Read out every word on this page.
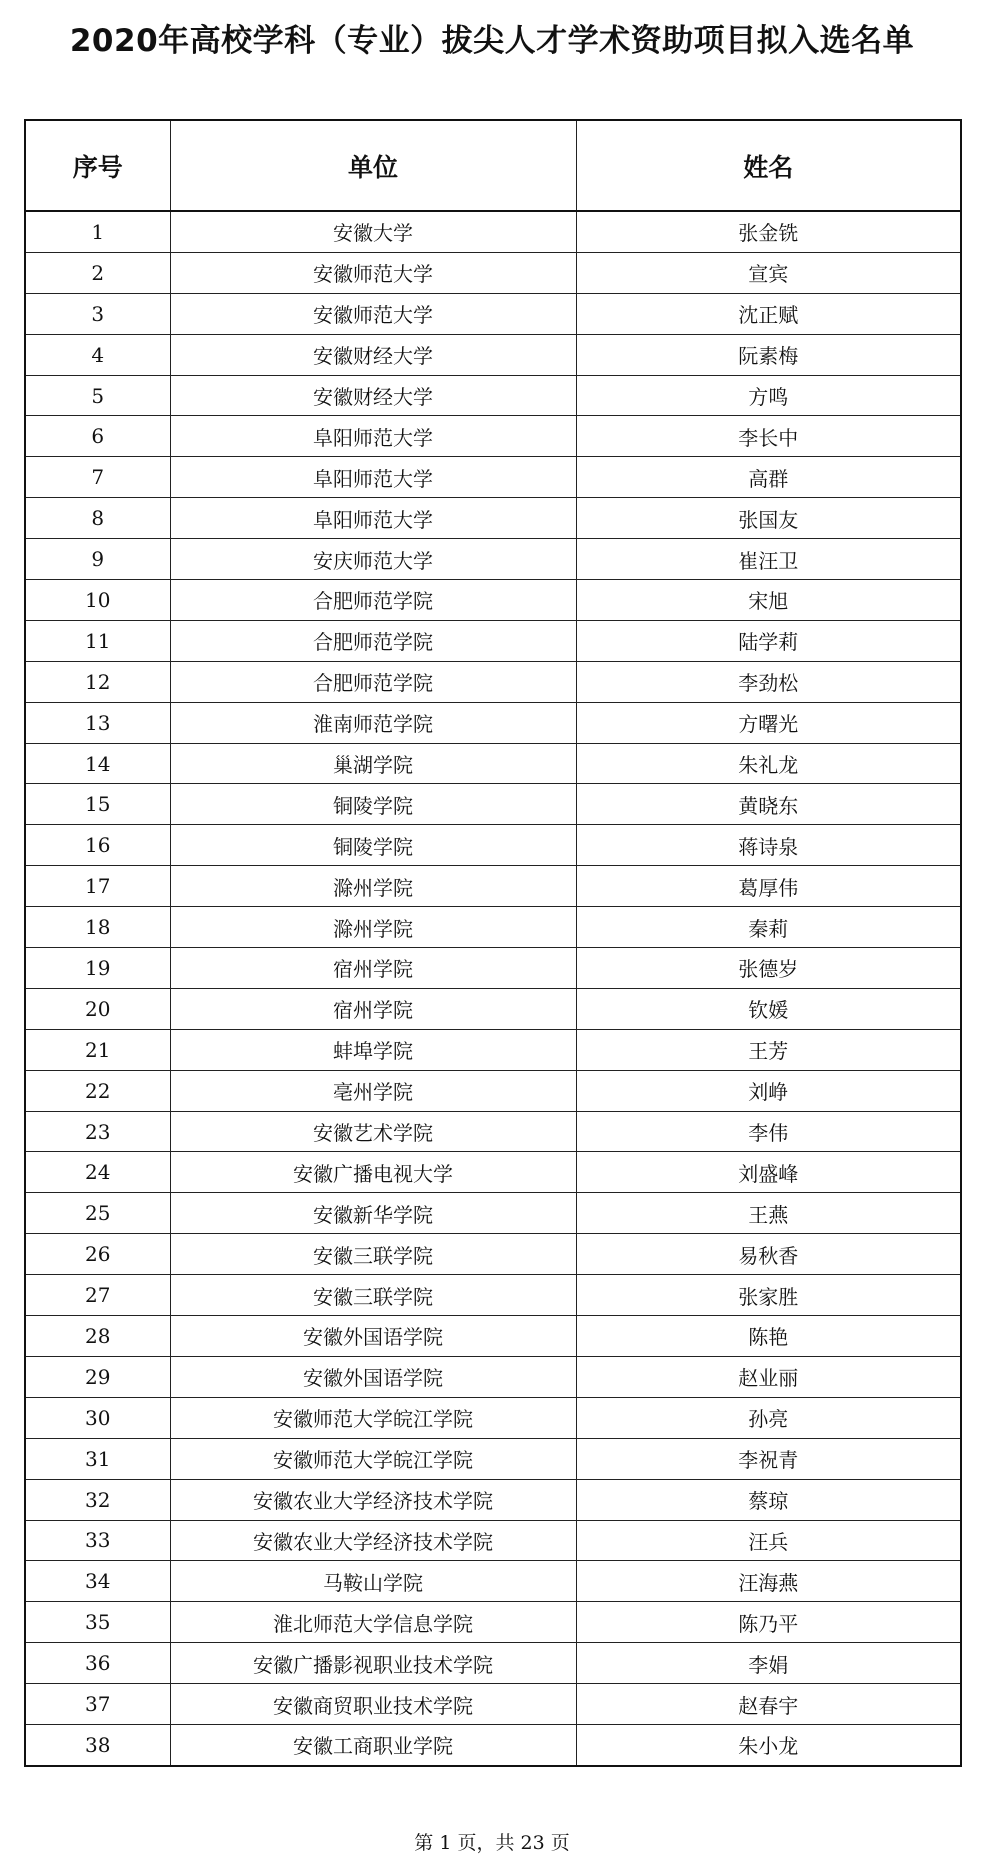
2020年高校学科（专业）拔尖人才学术资助项目拟入选名单
序号	单位	姓名
1	安徽大学	张金铣
2	安徽师范大学	宣宾
3	安徽师范大学	沈正赋
4	安徽财经大学	阮素梅
5	安徽财经大学	方鸣
6	阜阳师范大学	李长中
7	阜阳师范大学	高群
8	阜阳师范大学	张国友
9	安庆师范大学	崔汪卫
10	合肥师范学院	宋旭
11	合肥师范学院	陆学莉
12	合肥师范学院	李劲松
13	淮南师范学院	方曙光
14	巢湖学院	朱礼龙
15	铜陵学院	黄晓东
16	铜陵学院	蒋诗泉
17	滁州学院	葛厚伟
18	滁州学院	秦莉
19	宿州学院	张德岁
20	宿州学院	钦媛
21	蚌埠学院	王芳
22	亳州学院	刘峥
23	安徽艺术学院	李伟
24	安徽广播电视大学	刘盛峰
25	安徽新华学院	王燕
26	安徽三联学院	易秋香
27	安徽三联学院	张家胜
28	安徽外国语学院	陈艳
29	安徽外国语学院	赵业丽
30	安徽师范大学皖江学院	孙亮
31	安徽师范大学皖江学院	李祝青
32	安徽农业大学经济技术学院	蔡琼
33	安徽农业大学经济技术学院	汪兵
34	马鞍山学院	汪海燕
35	淮北师范大学信息学院	陈乃平
36	安徽广播影视职业技术学院	李娟
37	安徽商贸职业技术学院	赵春宇
38	安徽工商职业学院	朱小龙
第 1 页，共 23 页
